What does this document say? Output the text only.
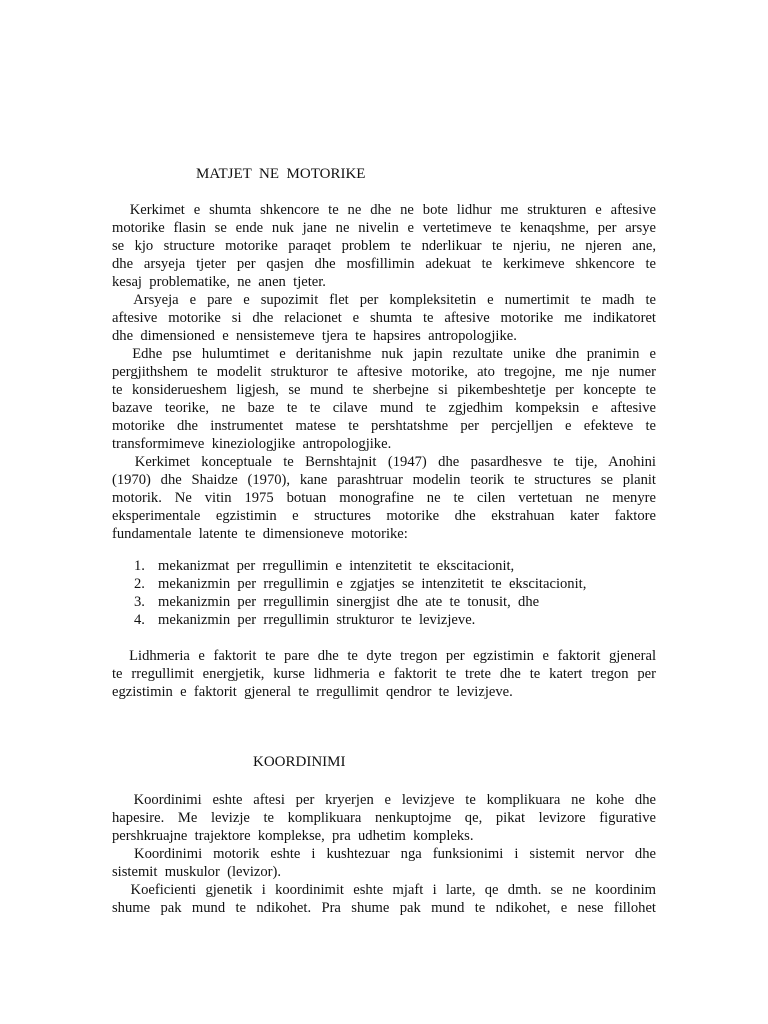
MATJET  NE  MOTORIKE
Kerkimet  e  shumta  shkencore  te  ne  dhe  ne  bote  lidhur  me  strukturen  e  aftesive
motorike  flasin  se  ende  nuk  jane  ne  nivelin  e  vertetimeve  te  kenaqshme,  per  arsye
se  kjo  structure  motorike  paraqet  problem  te  nderlikuar  te  njeriu,  ne  njeren  ane,
dhe  arsyeja  tjeter  per  qasjen  dhe  mosfillimin  adekuat  te  kerkimeve  shkencore  te
kesaj  problematike,  ne  anen  tjeter.
Arsyeja  e  pare  e  supozimit  flet  per  kompleksitetin  e  numertimit  te  madh  te
aftesive  motorike  si  dhe  relacionet  e  shumta  te  aftesive  motorike  me  indikatoret
dhe  dimensioned  e  nensistemeve  tjera  te  hapsires  antropologjike.
Edhe  pse  hulumtimet  e  deritanishme  nuk  japin  rezultate  unike  dhe  pranimin  e
pergjithshem  te  modelit  strukturor  te  aftesive  motorike,  ato  tregojne,  me  nje  numer
te  konsiderueshem  ligjesh,  se  mund  te  sherbejne  si  pikembeshtetje  per  koncepte  te
bazave  teorike,  ne  baze  te  te  cilave  mund  te  zgjedhim  kompeksin  e  aftesive
motorike  dhe  instrumentet  matese  te  pershtatshme  per  percjelljen  e  efekteve  te
transformimeve  kineziologjike  antropologjike.
Kerkimet  konceptuale  te  Bernshtajnit  (1947)  dhe  pasardhesve  te  tije,  Anohini
(1970)  dhe  Shaidze  (1970),  kane  parashtruar  modelin  teorik  te  structures  se  planit
motorik.  Ne  vitin  1975  botuan  monografine  ne  te  cilen  vertetuan  ne  menyre
eksperimentale  egzistimin  e  structures  motorike  dhe  ekstrahuan  kater  faktore
fundamentale  latente  te  dimensioneve  motorike:
1. mekanizmat  per  rregullimin  e  intenzitetit  te  ekscitacionit,
2. mekanizmin  per  rregullimin  e  zgjatjes  se  intenzitetit  te  ekscitacionit,
3. mekanizmin  per  rregullimin  sinergjist  dhe  ate  te  tonusit,  dhe
4. mekanizmin  per  rregullimin  strukturor  te  levizjeve.
Lidhmeria  e  faktorit  te  pare  dhe  te  dyte  tregon  per  egzistimin  e  faktorit  gjeneral
te  rregullimit  energjetik,  kurse  lidhmeria  e  faktorit  te  trete  dhe  te  katert  tregon  per
egzistimin  e  faktorit  gjeneral  te  rregullimit  qendror  te  levizjeve.
KOORDINIMI
Koordinimi  eshte  aftesi  per  kryerjen  e  levizjeve  te  komplikuara  ne  kohe  dhe
hapesire.  Me  levizje  te  komplikuara  nenkuptojme  qe,  pikat  levizore  figurative
pershkruajne  trajektore  komplekse,  pra  udhetim  kompleks.
Koordinimi  motorik  eshte  i  kushtezuar  nga  funksionimi  i  sistemit  nervor  dhe
sistemit  muskulor  (levizor).
Koeficienti  gjenetik  i  koordinimit  eshte  mjaft  i  larte,  qe  dmth.  se  ne  koordinim
shume  pak  mund  te  ndikohet.  Pra  shume  pak  mund  te  ndikohet,  e  nese  fillohet
